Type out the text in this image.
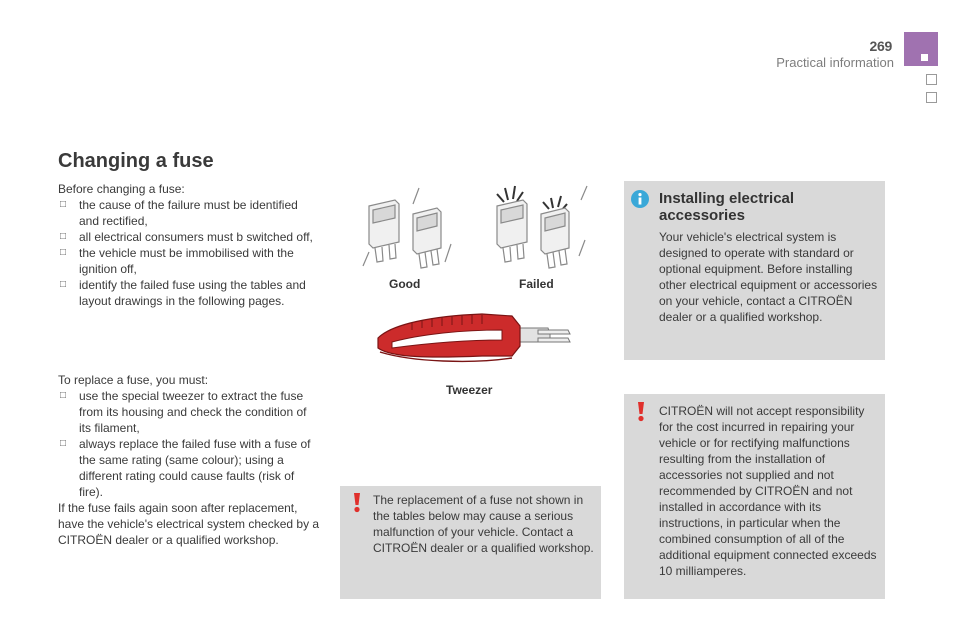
269
Practical information
Changing a fuse
Before changing a fuse:
□ the cause of the failure must be identified and rectified,
□ all electrical consumers must b switched off,
□ the vehicle must be immobilised with the ignition off,
□ identify the failed fuse using the tables and layout drawings in the following pages.
To replace a fuse, you must:
□ use the special tweezer to extract the fuse from its housing and check the condition of its filament,
□ always replace the failed fuse with a fuse of the same rating (same colour); using a different rating could cause faults (risk of fire).
If the fuse fails again soon after replacement, have the vehicle's electrical system checked by a CITROËN dealer or a qualified workshop.
Good	Failed
Tweezer
The replacement of a fuse not shown in the tables below may cause a serious malfunction of your vehicle. Contact a CITROËN dealer or a qualified workshop.
Installing electrical accessories
Your vehicle's electrical system is designed to operate with standard or optional equipment. Before installing other electrical equipment or accessories on your vehicle, contact a CITROËN dealer or a qualified workshop.
CITROËN will not accept responsibility for the cost incurred in repairing your vehicle or for rectifying malfunctions resulting from the installation of accessories not supplied and not recommended by CITROËN and not installed in accordance with its instructions, in particular when the combined consumption of all of the additional equipment connected exceeds 10 milliamperes.
